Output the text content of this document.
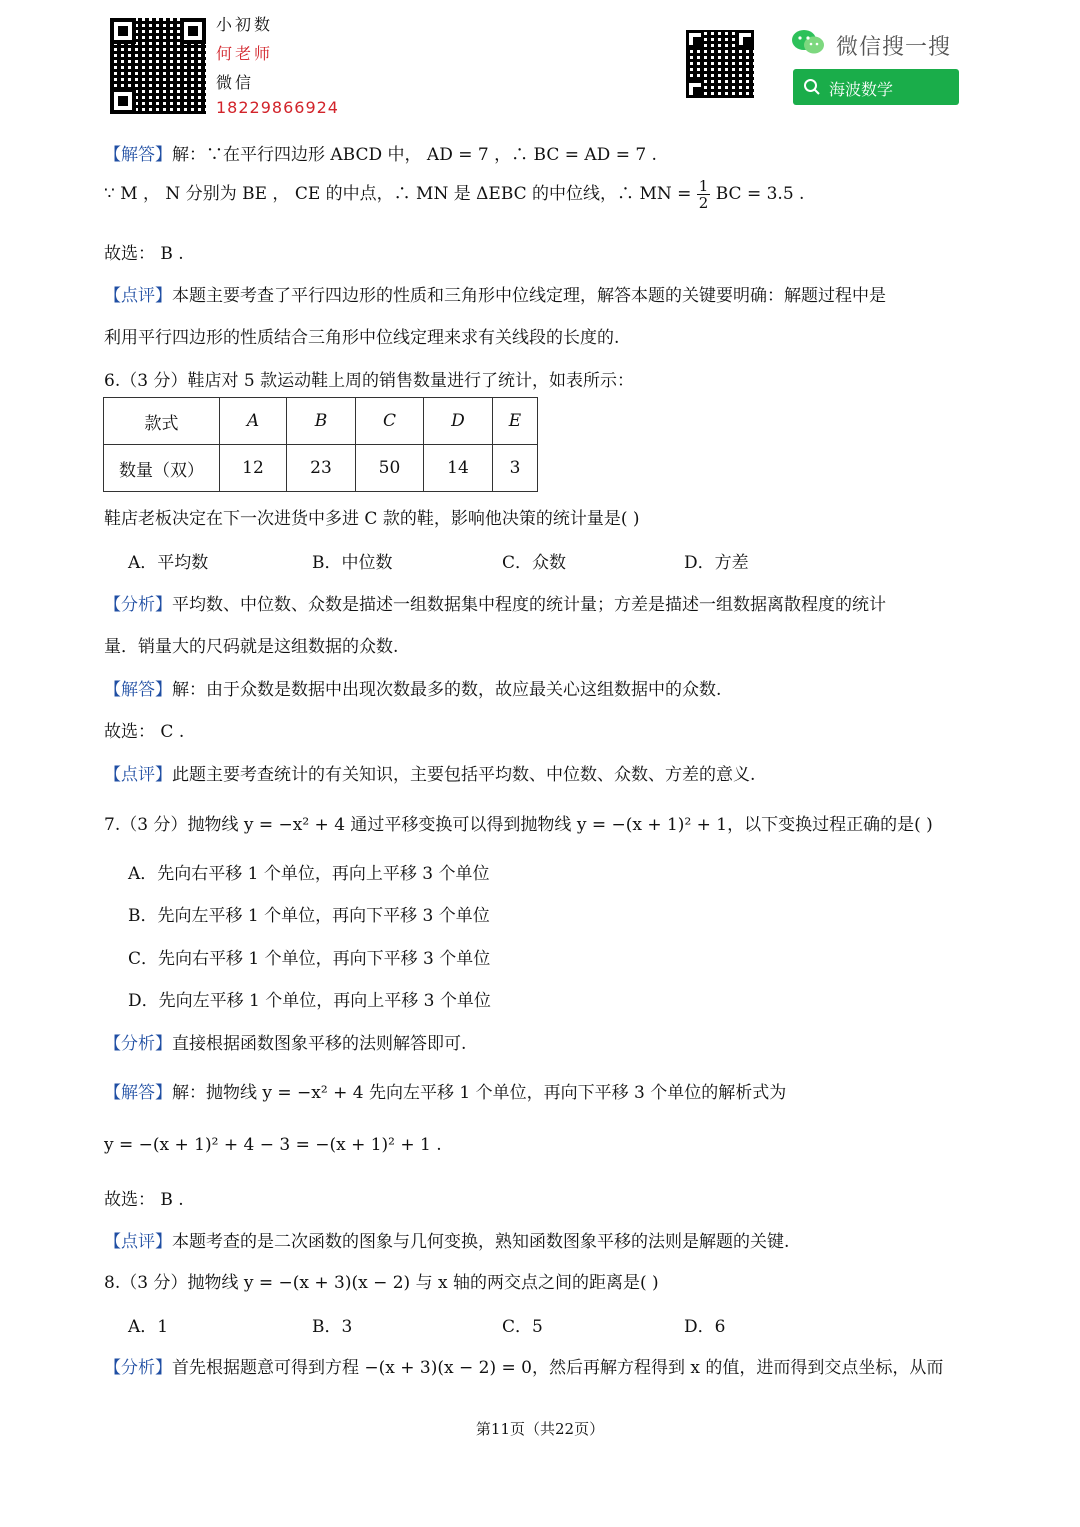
小初数
何老师
微信
18229866924
微信搜一搜
海波数学
【解答】解：∵在平行四边形 ABCD 中， AD = 7 ，∴ BC = AD = 7 .
∵ M ， N 分别为 BE ， CE 的中点，∴ MN 是 ΔEBC 的中位线，∴ MN = $\frac{1}{2}$ BC = 3.5 .
故选： B .
【点评】本题主要考查了平行四边形的性质和三角形中位线定理，解答本题的关键要明确：解题过程中是
利用平行四边形的性质结合三角形中位线定理来求有关线段的长度的.
6.（3 分）鞋店对 5 款运动鞋上周的销售数量进行了统计，如表所示：
款式	A	B	C	D	E
数量（双）	12	23	50	14	3
鞋店老板决定在下一次进货中多进 C 款的鞋，影响他决策的统计量是( )
A．平均数	B．中位数	C．众数	D．方差
【分析】平均数、中位数、众数是描述一组数据集中程度的统计量；方差是描述一组数据离散程度的统计
量．销量大的尺码就是这组数据的众数.
【解答】解：由于众数是数据中出现次数最多的数，故应最关心这组数据中的众数.
故选： C .
【点评】此题主要考查统计的有关知识，主要包括平均数、中位数、众数、方差的意义.
7.（3 分）抛物线 y = −x² + 4 通过平移变换可以得到抛物线 y = −(x + 1)² + 1，以下变换过程正确的是( )
A．先向右平移 1 个单位，再向上平移 3 个单位
B．先向左平移 1 个单位，再向下平移 3 个单位
C．先向右平移 1 个单位，再向下平移 3 个单位
D．先向左平移 1 个单位，再向上平移 3 个单位
【分析】直接根据函数图象平移的法则解答即可.
【解答】解：抛物线 y = −x² + 4 先向左平移 1 个单位，再向下平移 3 个单位的解析式为
y = −(x + 1)² + 4 − 3 = −(x + 1)² + 1 .
故选： B .
【点评】本题考查的是二次函数的图象与几何变换，熟知函数图象平移的法则是解题的关键.
8.（3 分）抛物线 y = −(x + 3)(x − 2) 与 x 轴的两交点之间的距离是( )
A．1	B．3	C．5	D．6
【分析】首先根据题意可得到方程 −(x + 3)(x − 2) = 0，然后再解方程得到 x 的值，进而得到交点坐标，从而
第11页（共22页）
